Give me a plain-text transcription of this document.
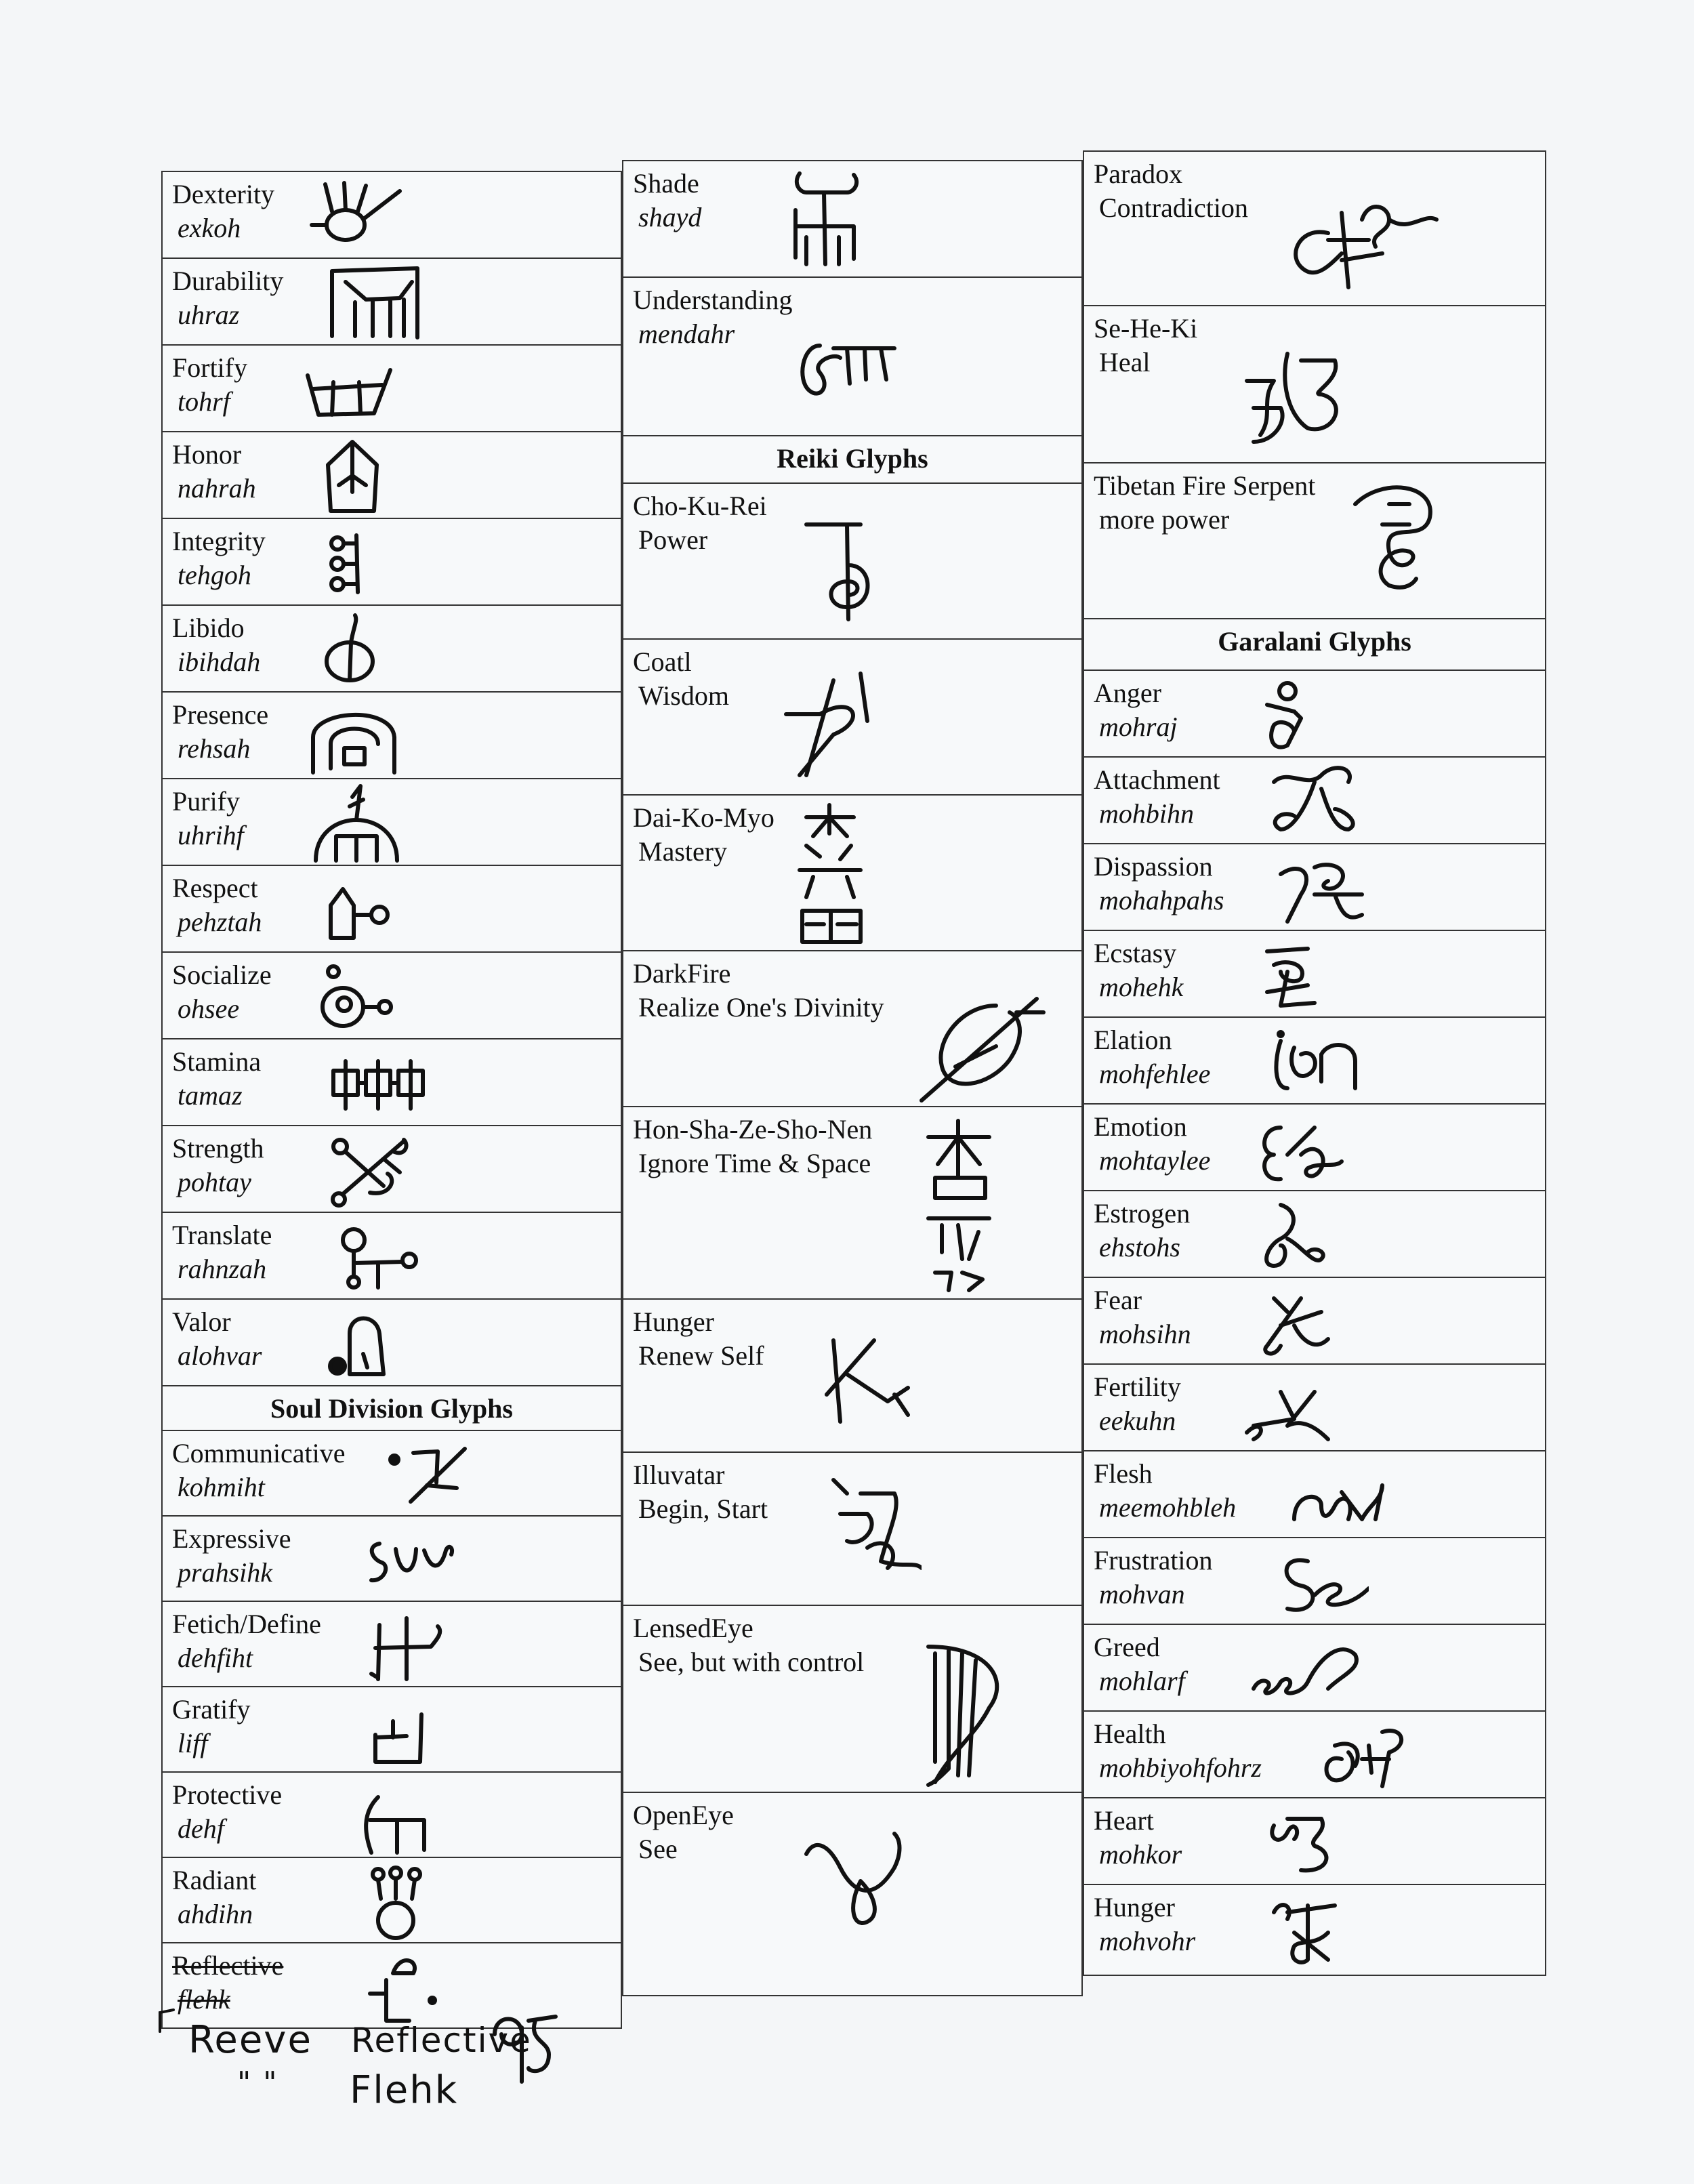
Dexterity
exkoh
Durability
uhraz
Fortify
tohrf
Honor
nahrah
Integrity
tehgoh
Libido
ibihdah
Presence
rehsah
Purify
uhrihf
Respect
pehztah
Socialize
ohsee
Stamina
tamaz
Strength
pohtay
Translate
rahnzah
Valor
alohvar
Soul Division Glyphs
Communicative
kohmiht
Expressive
prahsihk
Fetich/Define
dehfiht
Gratify
liff
Protective
dehf
Radiant
ahdihn
Reflective
flehk
Shade
shayd
Understanding
mendahr
Reiki Glyphs
Cho-Ku-Rei
Power
Coatl
Wisdom
Dai-Ko-Myo
Mastery
DarkFire
Realize One's Divinity
Hon-Sha-Ze-Sho-Nen
Ignore Time & Space
Hunger
Renew Self
Illuvatar
Begin, Start
LensedEye
See, but with control
OpenEye
See
Paradox
Contradiction
Se-He-Ki
Heal
Tibetan Fire Serpent
more power
Garalani Glyphs
Anger
mohraj
Attachment
mohbihn
Dispassion
mohahpahs
Ecstasy
mohehk
Elation
mohfehlee
Emotion
mohtaylee
Estrogen
ehstohs
Fear
mohsihn
Fertility
eekuhn
Flesh
meemohbleh
Frustration
mohvan
Greed
mohlarf
Health
mohbiyohfohrz
Heart
mohkor
Hunger
mohvohr
Reeve
" "
Reflective
Flehk
